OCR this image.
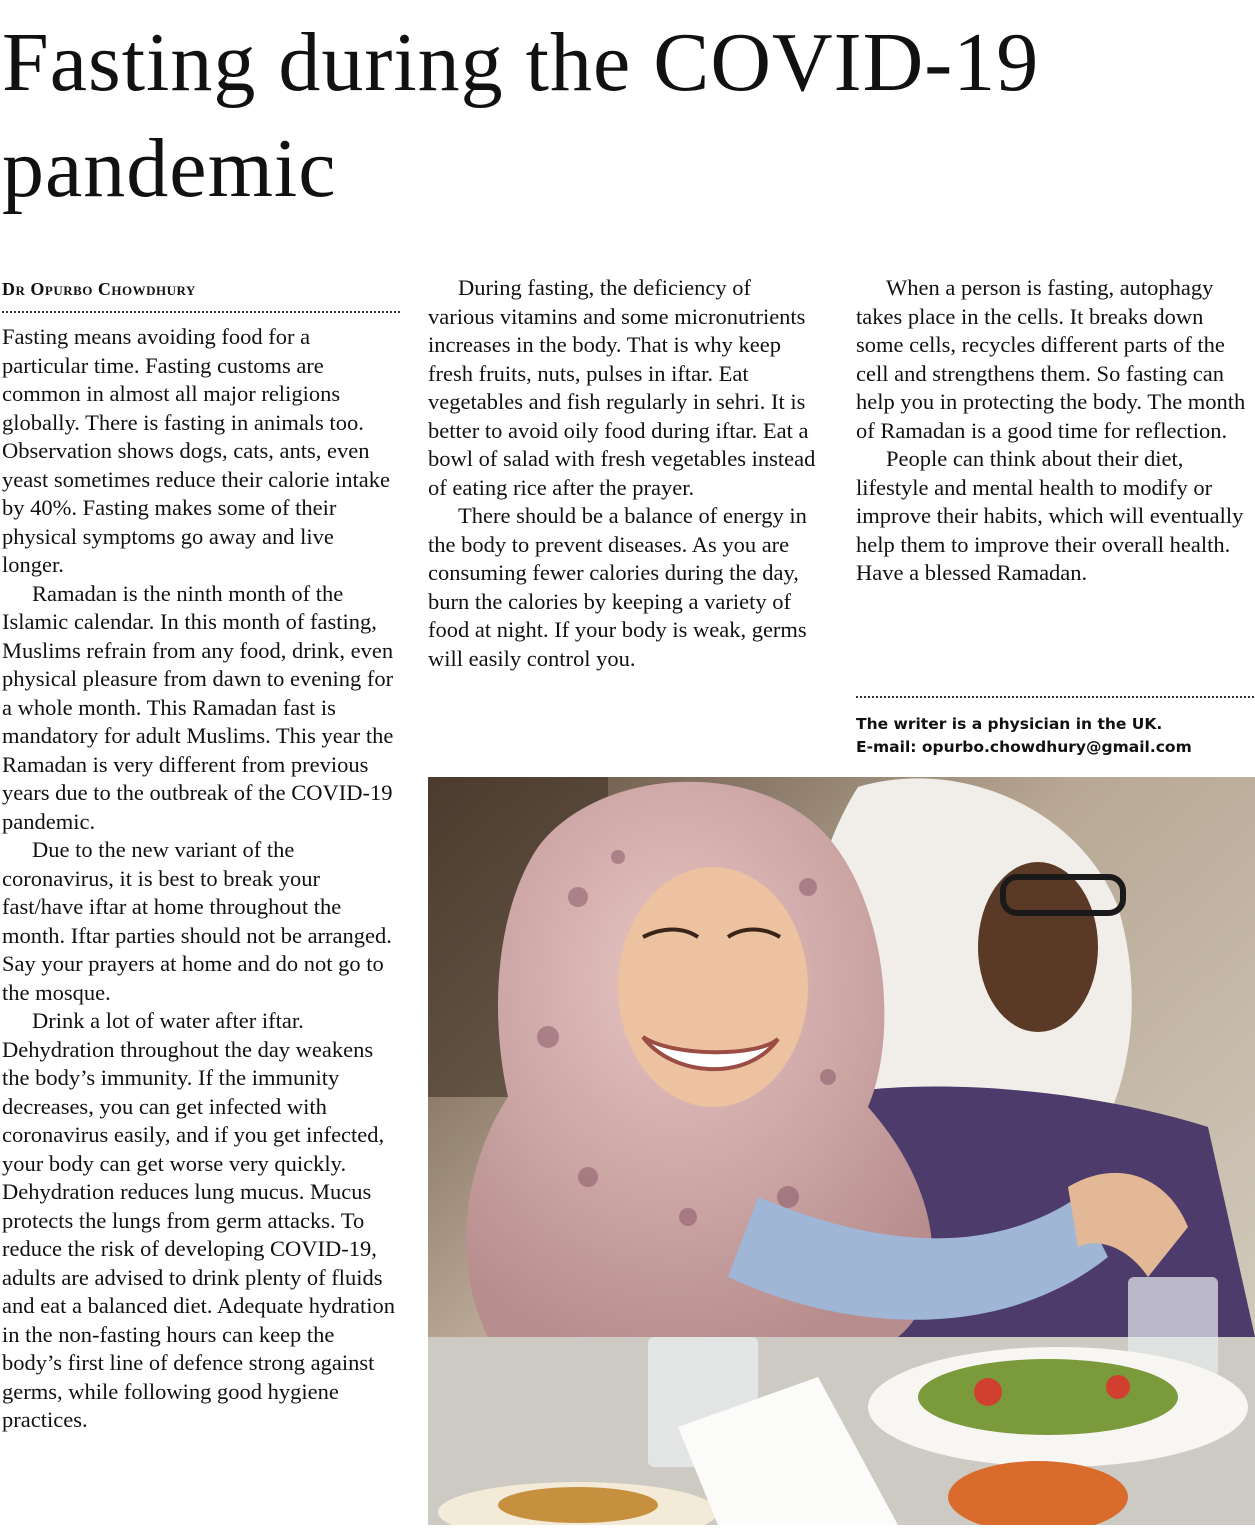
Fasting during the COVID-19 pandemic
Dr Opurbo Chowdhury

Fasting means avoiding food for a particular time. Fasting customs are common in almost all major religions globally. There is fasting in animals too. Observation shows dogs, cats, ants, even yeast sometimes reduce their calorie intake by 40%. Fasting makes some of their physical symptoms go away and live longer.

Ramadan is the ninth month of the Islamic calendar. In this month of fasting, Muslims refrain from any food, drink, even physical pleasure from dawn to evening for a whole month. This Ramadan fast is mandatory for adult Muslims. This year the Ramadan is very different from previous years due to the outbreak of the COVID-19 pandemic.

Due to the new variant of the coronavirus, it is best to break your fast/have iftar at home throughout the month. Iftar parties should not be arranged. Say your prayers at home and do not go to the mosque.

Drink a lot of water after iftar. Dehydration throughout the day weakens the body’s immunity. If the immunity decreases, you can get infected with coronavirus easily, and if you get infected, your body can get worse very quickly. Dehydration reduces lung mucus. Mucus protects the lungs from germ attacks. To reduce the risk of developing COVID-19, adults are advised to drink plenty of fluids and eat a balanced diet. Adequate hydration in the non-fasting hours can keep the body’s first line of defence strong against germs, while following good hygiene practices.

During fasting, the deficiency of various vitamins and some micronutrients increases in the body. That is why keep fresh fruits, nuts, pulses in iftar. Eat vegetables and fish regularly in sehri. It is better to avoid oily food during iftar. Eat a bowl of salad with fresh vegetables instead of eating rice after the prayer.

There should be a balance of energy in the body to prevent diseases. As you are consuming fewer calories during the day, burn the calories by keeping a variety of food at night. If your body is weak, germs will easily control you.

When a person is fasting, autophagy takes place in the cells. It breaks down some cells, recycles different parts of the cell and strengthens them. So fasting can help you in protecting the body. The month of Ramadan is a good time for reflection.

People can think about their diet, lifestyle and mental health to modify or improve their habits, which will eventually help them to improve their overall health. Have a blessed Ramadan.

The writer is a physician in the UK.
E-mail: opurbo.chowdhury@gmail.com
